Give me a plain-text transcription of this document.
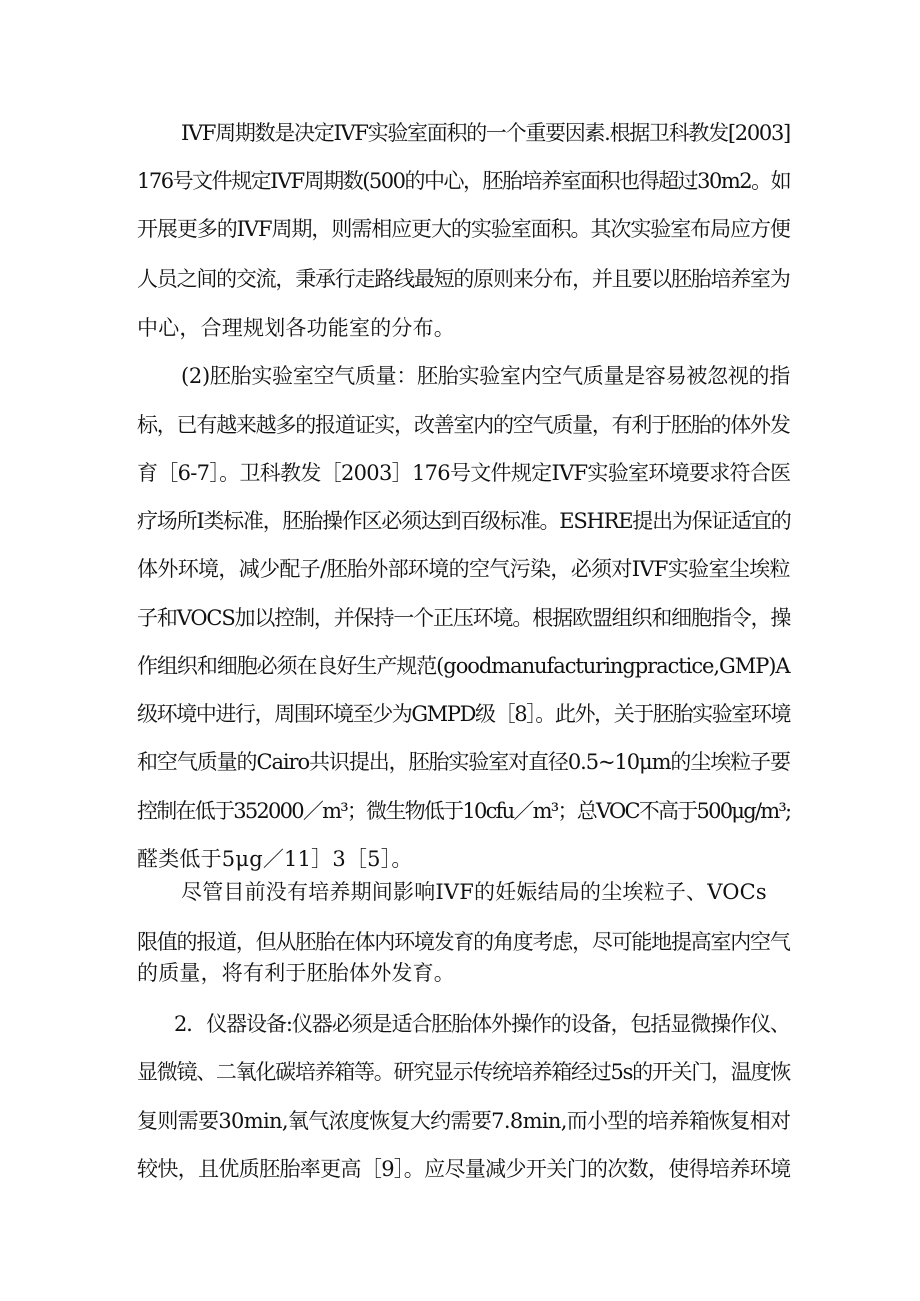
IVF周期数是决定IVF实验室面积的一个重要因素.根据卫科教发[2003]
176号文件规定IVF周期数(500的中心，胚胎培养室面积也得超过30m2。如
开展更多的IVF周期，则需相应更大的实验室面积。其次实验室布局应方便
人员之间的交流，秉承行走路线最短的原则来分布，并且要以胚胎培养室为
中心，合理规划各功能室的分布。
(2)胚胎实验室空气质量：胚胎实验室内空气质量是容易被忽视的指
标，已有越来越多的报道证实，改善室内的空气质量，有利于胚胎的体外发
育［6-7］。卫科教发［2003］176号文件规定IVF实验室环境要求符合医
疗场所I类标准，胚胎操作区必须达到百级标准。ESHRE提出为保证适宜的
体外环境，减少配子/胚胎外部环境的空气污染，必须对IVF实验室尘埃粒
子和VOCS加以控制，并保持一个正压环境。根据欧盟组织和细胞指令，操
作组织和细胞必须在良好生产规范(goodmanufacturingpractice,GMP)A
级环境中进行，周围环境至少为GMPD级［8］。此外，关于胚胎实验室环境
和空气质量的Cairo共识提出，胚胎实验室对直径0.5~10μm的尘埃粒子要
控制在低于352000／m³；微生物低于10cfu／m³；总VOC不高于500μg/m³;
醛类低于5μg／11］3［5］。
尽管目前没有培养期间影响IVF的妊娠结局的尘埃粒子、VOCs
限值的报道，但从胚胎在体内环境发育的角度考虑，尽可能地提高室内空气
的质量，将有利于胚胎体外发育。
2．仪器设备:仪器必须是适合胚胎体外操作的设备，包括显微操作仪、
显微镜、二氧化碳培养箱等。研究显示传统培养箱经过5s的开关门，温度恢
复则需要30min,氧气浓度恢复大约需要7.8min,而小型的培养箱恢复相对
较快，且优质胚胎率更高［9］。应尽量减少开关门的次数，使得培养环境
